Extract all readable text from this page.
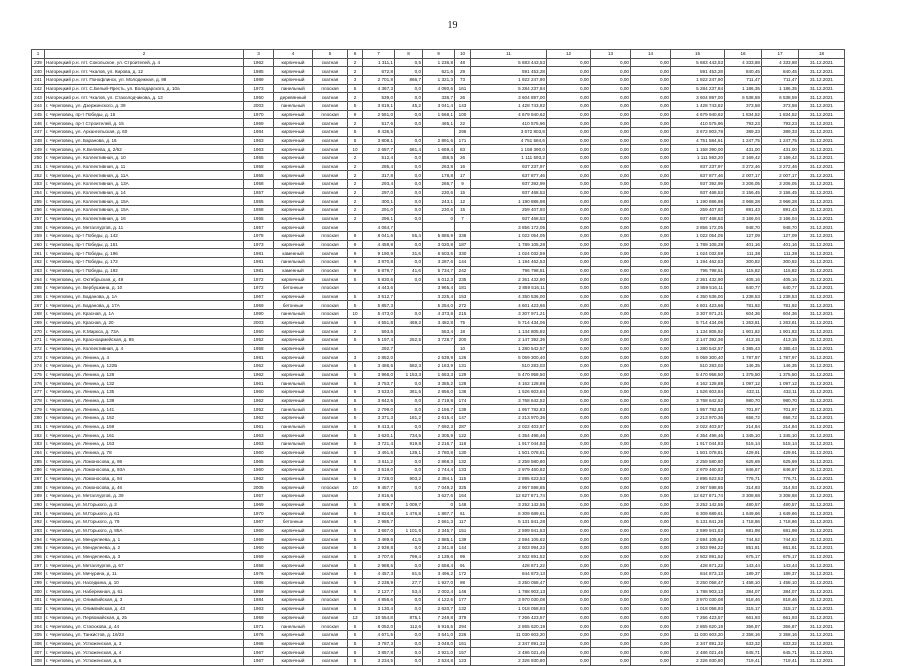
19
1	2	3	4	5	6	7	8	9	10	11	12	13	14	15	16	17	18
239	Нагорецкий р.н. пгт. Сокольское, ул. Строителей, д. 4	1962	кирпичный	скатная	2	1 311,1	0,5	1 236,8	48	5 683 443,53	0,00	0,00	0,00	5 683 443,53	4 333,88	4 333,88	31.12.2021
240	Нагорецкий р.н. пгт. Чкалов, ул. Кирова, д. 12	1985	кирпичный	скатная	2	672,8	0,0	621,6	29	591 453,28	0,00	0,00	0,00	591 453,28	840,45	840,45	31.12.2021
241	Нагорецкий р.н. пгт. Понофлинск, ул. Молодежная, д. 98	1989	кирпичный	скатная	3	2 701,8	866,7	1 321,3	73	1 922 247,90	0,00	0,00	0,00	1 922 247,90	711,47	711,47	31.12.2021
242	Нагорецкий р.н. пгт. С.Белый-Яресть, ул. Володарского, д. 10а	1973	панельный	плоская	5	4 367,3	0,0	4 080,6	161	5 284 237,84	0,00	0,00	0,00	5 284 237,84	1 186,35	1 186,35	31.12.2021
243	Нагорецкий р.н. пгт. Чкалов, ул. Стахолодчикова, д. 13	1950	деревянный	скатная	2	539,0	0,0	336,7	26	3 604 897,00	0,00	0,00	0,00	3 604 897,00	6 538,59	6 538,59	31.12.2021
244	г. Череповец, ул. Дзержинского, д. 39	2003	панельный	скатная	5	3 819,1	45,2	3 041,4	143	1 428 743,82	0,00	0,00	0,00	1 428 743,82	373,58	373,58	31.12.2021
245	г. Череповец, пр-т Победы, д. 15	1970	кирпичный	плоская	9	2 551,0	0,0	1 568,1	100	4 679 940,62	0,00	0,00	0,00	4 679 940,62	1 834,52	1 834,52	31.12.2021
246	г. Череповец, пр-т Строителей, д. 15	1959	кирпичный	скатная	2	517,6	0,0	465,1	22	410 575,96	0,00	0,00	0,00	410 575,96	793,23	793,23	31.12.2021
247	г. Череповец, ул. Архангельская, д. 60	1984	кирпичный	скатная	5	9 436,5			296	3 672 803,8	0,00	0,00	0,00	3 672 803,78	389,33	389,33	31.12.2021
248	г. Череповец, ул. Баранова, д. 16	1963	кирпичный	скатная	5	3 808,1	0,0	2 891,6	171	4 751 584,6	0,00	0,00	0,00	4 751 584,61	1 247,75	1 247,75	31.12.2021
249	г. Череповец, ул. К.Беляева, д. 2/62	1963	кирпичный	скатная	10	2 687,7	681,4	1 669,4	83	1 158 390,0	0,00	0,00	0,00	1 158 390,00	431,00	431,00	31.12.2021
250	г. Череповец, ул. Коллективная, д. 10	1955	кирпичный	скатная	2	512,4	0,0	458,5	26	1 111 593,2	0,00	0,00	0,00	1 111 593,20	2 169,42	2 169,42	31.12.2021
251	г. Череповец, ул. Коллективная, д. 11	1958	кирпичный	скатная	2	285,4	0,0	263,8	16	937 237,97	0,00	0,00	0,00	937 237,97	3 272,46	3 272,46	31.12.2021
252	г. Череповец, ул. Коллективная, д. 11А	1955	кирпичный	скатная	2	317,8	0,0	178,8	17	637 877,46	0,00	0,00	0,00	637 877,46	2 007,17	2 007,17	31.12.2021
253	г. Череповец, ул. Коллективная, д. 13А	1958	кирпичный	скатная	2	293,4	0,0	266,7	9	937 392,99	0,00	0,00	0,00	937 392,99	3 206,05	3 206,05	31.12.2021
254	г. Череповец, ул. Коллективная, д. 14	1957	кирпичный	скатная	2	297,0	0,0	230,6	15	937 468,53	0,00	0,00	0,00	937 468,53	3 156,45	3 156,45	31.12.2021
255	г. Череповец, ул. Коллективная, д. 15А	1955	кирпичный	скатная	2	300,1	0,0	243,1	12	1 190 886,98	0,00	0,00	0,00	1 190 886,98	3 968,28	3 968,28	31.12.2021
256	г. Череповец, ул. Коллективная, д. 15А	1958	кирпичный	скатная	2	291,0	0,0	230,6	15	259 407,93	0,00	0,00	0,00	259 407,93	891,43	891,43	31.12.2021
257	г. Череповец, ул. Коллективная, д. 16	1955	кирпичный	скатная	2	296,1	0,0	0	7	937 468,53	0,00	0,00	0,00	937 468,53	3 166,04	3 166,04	31.12.2021
258	г. Череповец, ул. Металлургов, д. 11	1957	кирпичный	скатная		4 064,7				3 856 172,05	0,00	0,00	0,00	3 856 172,05	948,70	948,70	31.12.2021
259	г. Череповец, пр-т Победы, д. 142	1978	кирпичный	плоская	9	8 041,6	55,4	5 886,9	338	1 022 054,05	0,00	0,00	0,00	1 022 054,05	127,09	127,09	31.12.2021
260	г. Череповец, пр-т Победы, д. 151	1973	кирпичный	плоская	9	4 459,8	0,0	3 020,8	187	1 789 105,28	0,00	0,00	0,00	1 789 105,28	401,16	401,16	31.12.2021
261	г. Череповец, пр-т Победы, д. 196	1981	каменный	скатная	9	9 190,9	31,6	6 503,6	330	1 024 032,59	0,00	0,00	0,00	1 024 032,59	111,38	111,38	31.12.2021
262	г. Череповец, пр-т Победы, д. 172	1981	панельный	плоская	9	3 970,8	0,0	3 287,6	144	1 194 462,53	0,00	0,00	0,00	1 194 462,53	300,82	300,82	31.12.2021
263	г. Череповец, пр-т Победы, д. 192	1981	каменный	плоская	9	6 879,7	41,6	5 734,7	242	796 798,51	0,00	0,00	0,00	796 798,51	115,82	115,82	31.12.2021
264	г. Череповец, ул. Октябрьская, д. 49	1972	кирпичный	скатная	5	5 830,6	0,0	5 012,3	235	2 361 432,90	0,00	0,00	0,00	2 361 432,90	405,16	405,16	31.12.2021
265	г. Череповец, ул. Вербушкина, д. 10	1972	бетонные	плоская		4 443,6		3 965,4	181	2 859 516,11	0,00	0,00	0,00	2 859 516,11	640,77	640,77	31.12.2021
266	г. Череповец, ул. Баданова, д. 1А	1967	кирпичный	скатная	5	3 512,7		3 225,4	153	4 350 536,00	0,00	0,00	0,00	4 350 536,00	1 238,53	1 238,53	31.12.2021
267	г. Череповец, ул. Баданова, д. 17А	1959	бетонные	плоская	5	5 857,3		5 254,0	272	4 601 423,66	0,00	0,00	0,00	4 601 423,66	781,92	781,92	31.12.2021
268	г. Череповец, ул. Красная, д. 1А	1990	панельный	плоская	10	5 473,0	0,0	4 373,8	215	3 307 971,21	0,00	0,00	0,00	3 307 971,21	604,36	604,36	31.12.2021
269	г. Череповец, ул. Красная, д. 20	2003	кирпичный	скатная	5	4 551,8	469,2	3 482,8	75	5 714 434,06	0,00	0,00	0,00	5 714 434,06	1 263,81	1 263,81	31.12.2021
270	г. Череповец, ул. К.Маркса, д. 73А	1950	кирпичный	скатная	2	593,6		553,4	18	1 134 805,92	0,00	0,00	0,00	1 134 805,92	1 901,82	1 901,82	31.12.2021
271	г. Череповец, ул. Красноармейская, д. 85	1952	кирпичный	скатная	5	5 197,4	252,5	3 728,7	200	2 147 392,36	0,00	0,00	0,00	2 147 392,36	413,15	413,15	31.12.2021
272	г. Череповец, ул. Коллективная, д. 4	1958	кирпичный	скатная		292,7			10	1 280 542,57	0,00	0,00	0,00	1 280 542,57	4 385,43	4 385,43	31.12.2021
273	г. Череповец, ул. Ленина, д. 4	1981	кирпичный	скатная	3	2 852,0		2 539,9	126	5 059 300,40	0,00	0,00	0,00	5 059 300,40	1 787,97	1 787,97	31.12.2021
274	г. Череповец, ул. Ленина, д. 122Б	1962	кирпичный	скатная	5	3 486,6	582,3	2 163,9	131	510 283,03	0,00	0,00	0,00	510 283,03	146,35	146,35	31.12.2021
275	г. Череповец, ул. Ленина, д. 128	1962	кирпичный	скатная	5	3 966,0	1 153,3	1 653,3	129	5 470 958,50	0,00	0,00	0,00	5 470 958,50	1 375,50	1 375,50	31.12.2021
276	г. Череповец, ул. Ленина, д. 132	1961	панельный	скатная	5	3 753,7	0,0	3 355,2	128	4 162 128,88	0,00	0,00	0,00	4 162 128,88	1 097,12	1 097,12	31.12.2021
277	г. Череповец, ул. Ленина, д. 135	1960	кирпичный	скатная	5	3 533,0	361,5	2 856,0	136	1 526 603,84	0,00	0,00	0,00	1 526 603,84	432,11	432,11	31.12.2021
278	г. Череповец, ул. Ленина, д. 139	1962	кирпичный	скатная	5	3 842,6	0,0	2 719,8	174	3 768 642,52	0,00	0,00	0,00	3 768 642,52	980,70	980,70	31.12.2021
279	г. Черeповец, ул. Ленина, д. 141	1952	панельный	скатная	5	2 799,0	0,0	2 156,7	139	1 957 782,83	0,00	0,00	0,00	1 957 782,83	701,97	701,97	31.12.2021
280	г. Череповец, ул. Ленина, д. 152	1962	кирпичный	скатная	5	3 371,3	181,2	2 615,4	147	2 213 970,36	0,00	0,00	0,00	2 213 970,36	656,72	656,72	31.12.2021
281	г. Череповец, ул. Ленина, д. 159	1961	панельный	скатная	5	9 413,4	0,0	7 692,3	287	2 022 403,57	0,00	0,00	0,00	2 022 403,57	214,84	214,84	31.12.2021
282	г. Череповец, ул. Ленина, д. 161	1963	кирпичный	скатная	5	3 620,1	734,5	2 305,9	122	4 354 498,46	0,00	0,00	0,00	4 354 498,46	1 345,10	1 345,10	31.12.2021
283	г. Череповец, ул. Ленина, д. 163	1963	панельный	скатная	5	3 721,4	919,8	2 216,7	118	1 917 044,83	0,00	0,00	0,00	1 917 044,83	515,14	515,14	31.12.2021
284	г. Череповец, ул. Ленина, д. 78	1960	кирпичный	скатная	5	3 491,6	139,1	2 780,8	130	1 501 078,81	0,00	0,00	0,00	1 501 078,81	429,91	429,91	31.12.2021
285	г. Череповец, ул. Ломоносова, д. 98	1965	кирпичный	скатная	5	3 611,2	0,0	2 868,3	132	2 259 580,80	0,00	0,00	0,00	2 259 580,80	625,69	625,69	31.12.2021
286	г. Череповец, ул. Ломоносова, д. 93А	1960	кирпичный	скатная	5	3 519,0	0,0	2 744,4	133	2 979 460,82	0,00	0,00	0,00	2 979 460,82	846,67	846,67	31.12.2021
287	г. Череповец, ул. Ломоносова, д. 94	1962	кирпичный	скатная	5	3 728,0	903,2	2 394,1	115	2 895 623,53	0,00	0,00	0,00	2 895 623,53	776,71	776,71	31.12.2021
288	г. Череповец, ул. Ломоносова, д. 46	2005	кирпичный	плоская	10	9 457,7	0,0	7 049,2	325	2 967 598,85	0,00	0,00	0,00	2 967 598,85	314,93	314,93	31.12.2021
289	г. Череповец, ул. Металлургов, д. 39	1957	кирпичный	скатная		3 816,6		3 627,6	164	12 627 871,74	0,00	0,00	0,00	12 627 871,74	3 308,68	3 308,68	31.12.2021
290	г. Череповец, ул. М.Горького, д. 2	1969	кирпичный	скатная	5	6 809,7	1 009,7	0	148	3 252 142,55	0,00	0,00	0,00	3 252 142,55	480,57	480,57	31.12.2021
291	г. Череповец, ул. М.Горького, д. 61	1970	кирпичный	скатная	5	3 824,8	1 476,8	1 897,7	61	6 309 689,61	0,00	0,00	0,00	6 309 689,61	1 649,66	1 649,66	31.12.2021
292	г. Череповец, ул. М.Горького, д. 79	1967	бетонные	скатная	5	2 985,7		2 561,3	117	5 131 841,28	0,00	0,00	0,00	5 131 841,28	1 718,86	1 718,86	31.12.2021
293	г. Череповец, ул. М.Горького, д. 85А	1960	кирпичный	скатная	5	3 667,0	1 101,5	2 345,7	151	2 599 941,53	0,00	0,00	0,00	2 599 941,53	681,98	681,98	31.12.2021
294	г. Череповец, ул. Менделеева, д. 1	1959	кирпичный	скатная	5	3 489,6	41,5	2 885,1	139	2 594 105,62	0,00	0,00	0,00	2 594 105,62	744,62	744,62	31.12.2021
295	г. Череповец, ул. Менделеева, д. 2	1960	кирпичный	скатная	5	2 939,8	0,0	2 341,8	144	2 503 994,22	0,00	0,00	0,00	2 503 994,22	851,81	851,81	31.12.2021
296	г. Череповец, ул. Менделеева, д. 3	1959	кирпичный	скатная	5	3 707,6	799,4	2 139,6	99	2 502 891,52	0,00	0,00	0,00	2 502 891,52	675,17	675,17	31.12.2021
297	г. Череповец, ул. Металлургов, д. 67	1958	кирпичный	скатная	5	2 988,6	0,0	2 558,4	91	428 671,22	0,00	0,00	0,00	428 671,22	143,44	143,44	31.12.2021
298	г. Череповец, ул. Мичурина, д. 11	1976	кирпичный	скатная	5	4 457,3	81,5	3 496,2	172	844 873,13	0,00	0,00	0,00	844 873,13	189,37	189,37	31.12.2021
299	г. Череповец, ул. Наседкина, д. 10	1986	кирпичный	скатная	5	2 238,9	27,7	1 927,0	98	3 250 058,47	0,00	0,00	0,00	3 250 058,47	1 458,10	1 458,10	31.12.2021
300	г. Череповец, ул. Набережная, д. 61	1959	кирпичный	скатная	5	2 127,7	53,4	2 002,4	146	1 788 903,13	0,00	0,00	0,00	1 788 903,13	384,07	384,07	31.12.2021
301	г. Череповец, ул. Олимпийская, д. 3	1984	кирпичный	плоская	5	4 856,6	0,0	4 122,6	177	3 970 030,08	0,00	0,00	0,00	3 970 030,08	818,46	818,46	31.12.2021
302	г. Череповец, ул. Олимпийская, д. 43	1963	кирпичный	скатная	5	3 130,4	0,0	2 620,7	132	1 018 058,93	0,00	0,00	0,00	1 018 058,93	315,17	315,17	31.12.2021
303	г. Череповец, ул. Первомайская, д. 25	1959	кирпичный	скатная	13	10 554,8	875,1	7 249,8	379	7 266 423,57	0,00	0,00	0,00	7 266 423,57	661,93	661,93	31.12.2021
304	г. Череповец, ул. Стасюкова, д. 44	1971	панельный	плоская	5	8 052,0	112,6	6 916,5	294	2 865 620,19	0,00	0,00	0,00	2 865 620,19	356,87	356,87	31.12.2021
305	г. Череповец, ул. Танкистов, д. 16/23	1976	кирпичный	скатная	5	4 671,5	0,0	3 641,0	226	11 030 603,20	0,00	0,00	0,00	11 030 603,20	2 358,16	2 358,16	31.12.2021
306	г. Череповец, ул. Устюженская, д. 3	1966	кирпичный	скатная	5	3 787,3	0,0	3 048,0	161	2 347 891,32	0,00	0,00	0,00	2 347 891,32	633,32	633,32	31.12.2021
307	г. Череповец, ул. Устюженская, д. 4	1967	кирпичный	скатная	5	3 857,8	0,0	2 921,0	157	2 486 021,45	0,00	0,00	0,00	2 486 021,45	645,71	645,71	31.12.2021
308	г. Череповец, ул. Устюженская, д. 6	1967	кирпичный	скатная	5	3 234,5	0,0	2 534,8	123	2 326 930,80	0,00	0,00	0,00	2 326 930,80	719,41	719,41	31.12.2021
